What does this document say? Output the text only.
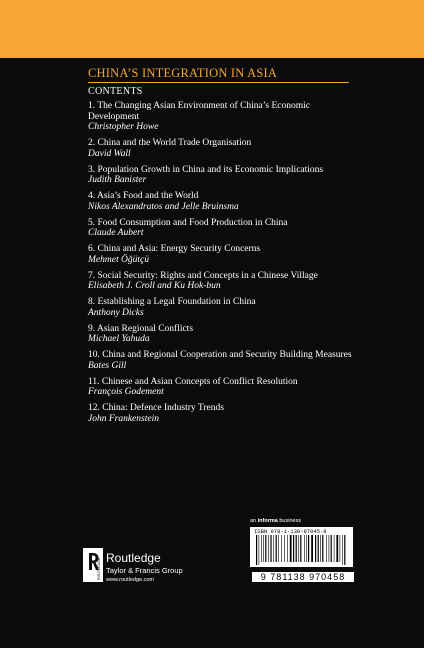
CHINA’S INTEGRATION IN ASIA
CONTENTS
1. The Changing Asian Environment of China’s Economic Development
Christopher Howe
2. China and the World Trade Organisation
David Wall
3. Population Growth in China and its Economic Implications
Judith Banister
4. Asia’s Food and the World
Nikos Alexandratos and Jelle Bruinsma
5. Food Consumption and Food Production in China
Claude Aubert
6. China and Asia: Energy Security Concerns
Mehmet Öğütçü
7. Social Security: Rights and Concepts in a Chinese Village
Elisabeth J. Croll and Ku Hok-bun
8. Establishing a Legal Foundation in China
Anthony Dicks
9. Asian Regional Conflicts
Michael Yahuda
10. China and Regional Cooperation and Security Building Measures
Bates Gill
11. Chinese and Asian Concepts of Conflict Resolution
François Godement
12. China: Defence Industry Trends
John Frankenstein
an informa business
ISBN 978-1-138-97045-8
9 781138 970458
ROUTLEDGE Routledge
Taylor & Francis Group
www.routledge.com
